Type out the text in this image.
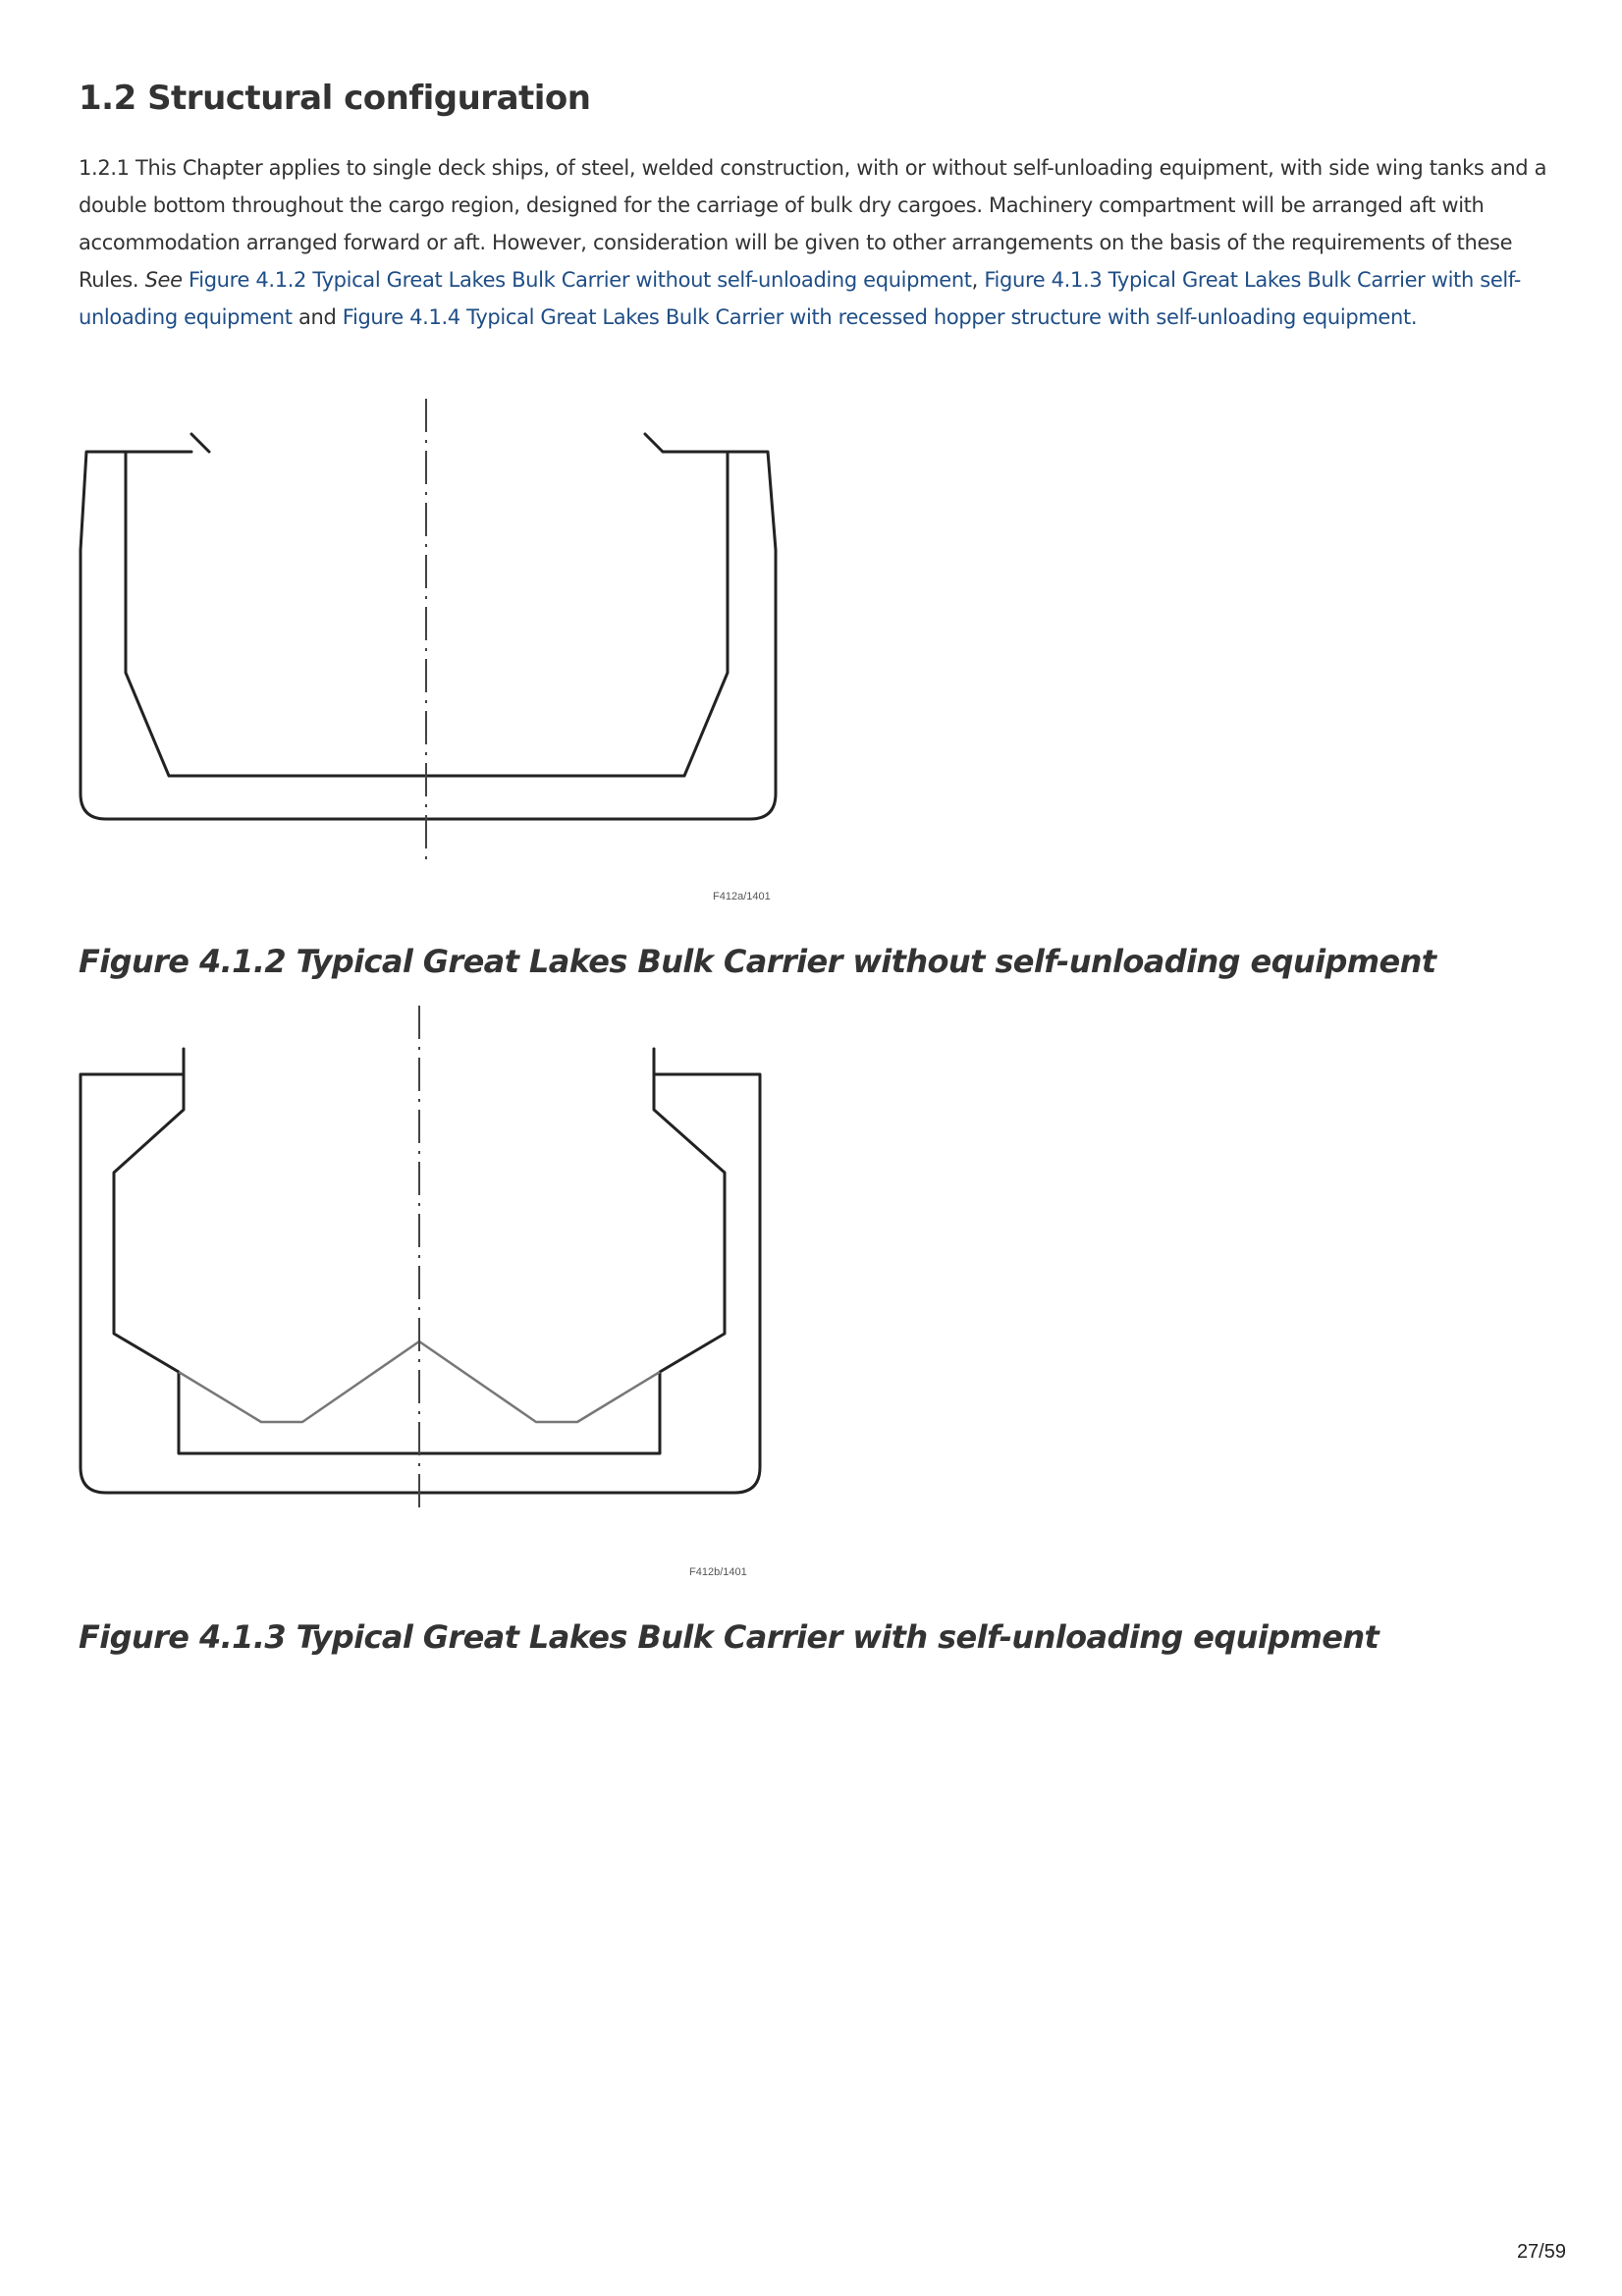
1.2 Structural configuration

1.2.1 This Chapter applies to single deck ships, of steel, welded construction, with or without self-unloading equipment, with side wing tanks and a double bottom throughout the cargo region, designed for the carriage of bulk dry cargoes. Machinery compartment will be arranged aft with accommodation arranged forward or aft. However, consideration will be given to other arrangements on the basis of the requirements of these Rules. See Figure 4.1.2 Typical Great Lakes Bulk Carrier without self-unloading equipment, Figure 4.1.3 Typical Great Lakes Bulk Carrier with self-unloading equipment and Figure 4.1.4 Typical Great Lakes Bulk Carrier with recessed hopper structure with self-unloading equipment.

F412a/1401
Figure 4.1.2 Typical Great Lakes Bulk Carrier without self-unloading equipment
F412b/1401
Figure 4.1.3 Typical Great Lakes Bulk Carrier with self-unloading equipment
27/59
